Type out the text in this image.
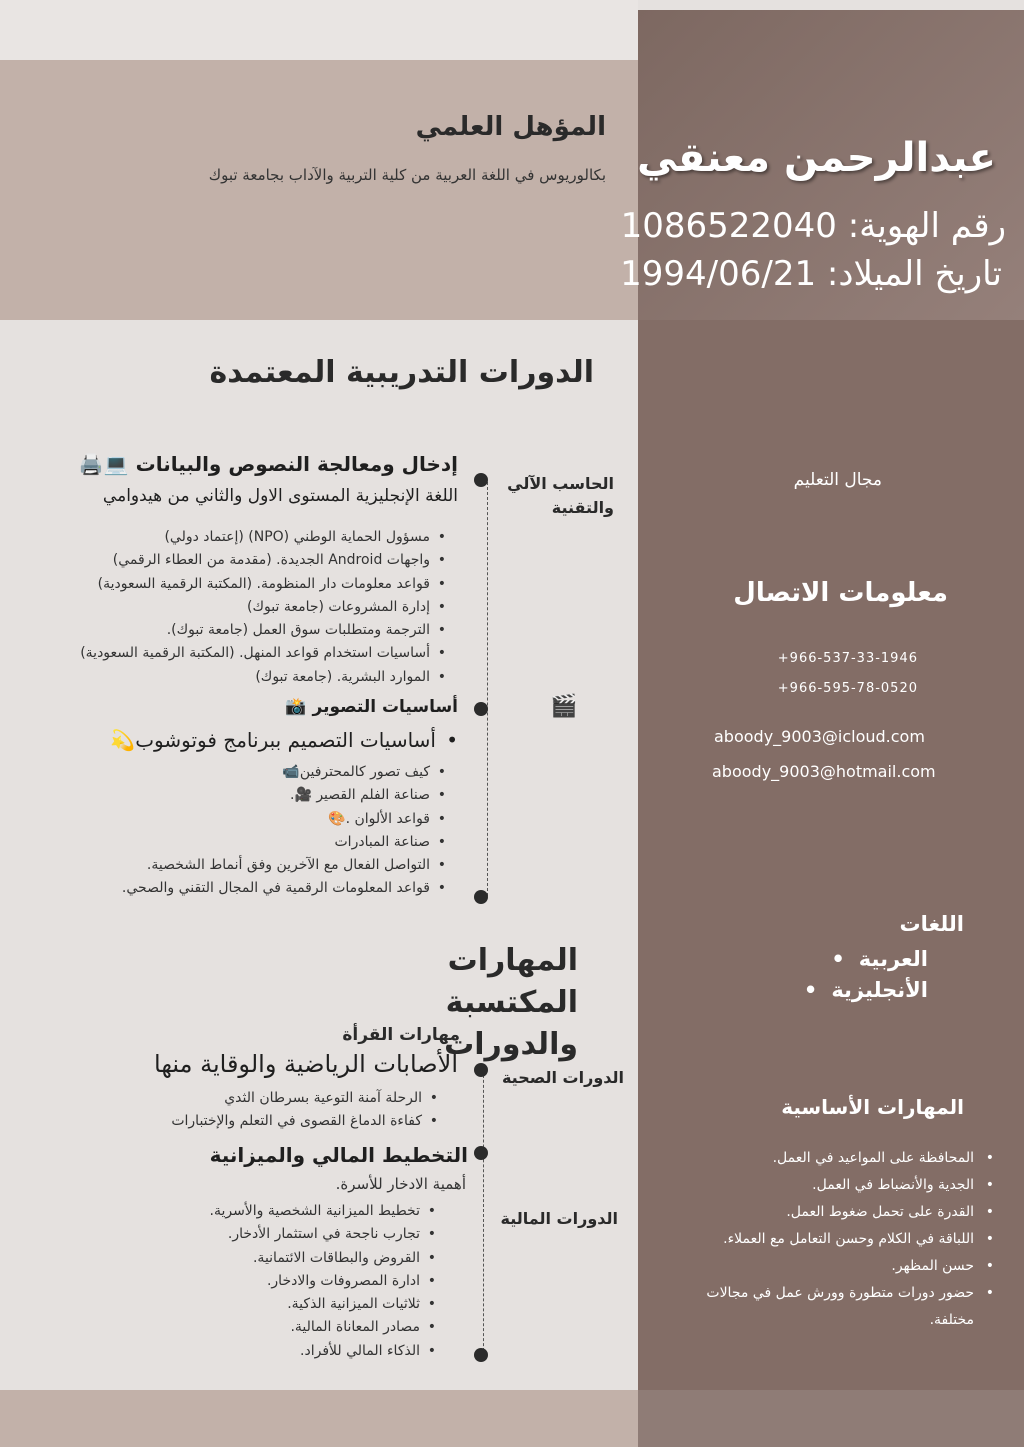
عبدالرحمن معنقي
رقم الهوية: 1086522040
تاريخ الميلاد: 1994/06/21
المؤهل العلمي
بكالوريوس في اللغة العربية من كلية التربية والآداب بجامعة تبوك
مجال التعليم
معلومات الاتصال
+966-537-33-1946
+966-595-78-0520
aboody_9003@icloud.com
aboody_9003@hotmail.com
اللغات
العربية •
الأنجليزية •
المهارات الأساسية
• المحافظة على المواعيد في العمل.
• الجدية والأنضباط في العمل.
• القدرة على تحمل ضغوط العمل.
• اللباقة في الكلام وحسن التعامل مع العملاء.
• حسن المظهر.
• حضور دورات متطورة وورش عمل في مجالات مختلفة.
الدورات التدريبية المعتمدة
الحاسب الآلي والتقنية
إدخال ومعالجة النصوص والبيانات 💻🖨️
اللغة الإنجليزية المستوى الاول والثاني من هيدوامي
• مسؤول الحماية الوطني (NPO) (إعتماد دولي)
• واجهات Android الجديدة. (مقدمة من العطاء الرقمي)
• قواعد معلومات دار المنظومة. (المكتبة الرقمية السعودية)
• إدارة المشروعات (جامعة تبوك)
• الترجمة ومتطلبات سوق العمل (جامعة تبوك).
• أساسيات استخدام قواعد المنهل. (المكتبة الرقمية السعودية)
• الموارد البشرية. (جامعة تبوك)
🎬
أساسيات التصوير 📸
•
أساسيات التصميم ببرنامج فوتوشوب💫
• كيف تصور كالمحترفين📹
• صناعة الفلم القصير 🎥.
• قواعد الألوان .🎨
• صناعة المبادرات
• التواصل الفعال مع الآخرين وفق أنماط الشخصية.
• قواعد المعلومات الرقمية في المجال التقني والصحي.
المهارات المكتسبة والدورات
مهارات القرأة
الدورات الصحية
الأصابات الرياضية والوقاية منها
• الرحلة آمنة التوعية بسرطان الثدي
• كفاءة الدماغ القصوى في التعلم والإختبارات
التخطيط المالي والميزانية
أهمية الادخار للأسرة.
الدورات المالية
• تخطيط الميزانية الشخصية والأسرية.
• تجارب ناجحة في استثمار الأدخار.
• القروض والبطاقات الائتمانية.
• ادارة المصروفات والادخار.
• ثلاثيات الميزانية الذكية.
• مصادر المعاناة المالية.
• الذكاء المالي للأفراد.
